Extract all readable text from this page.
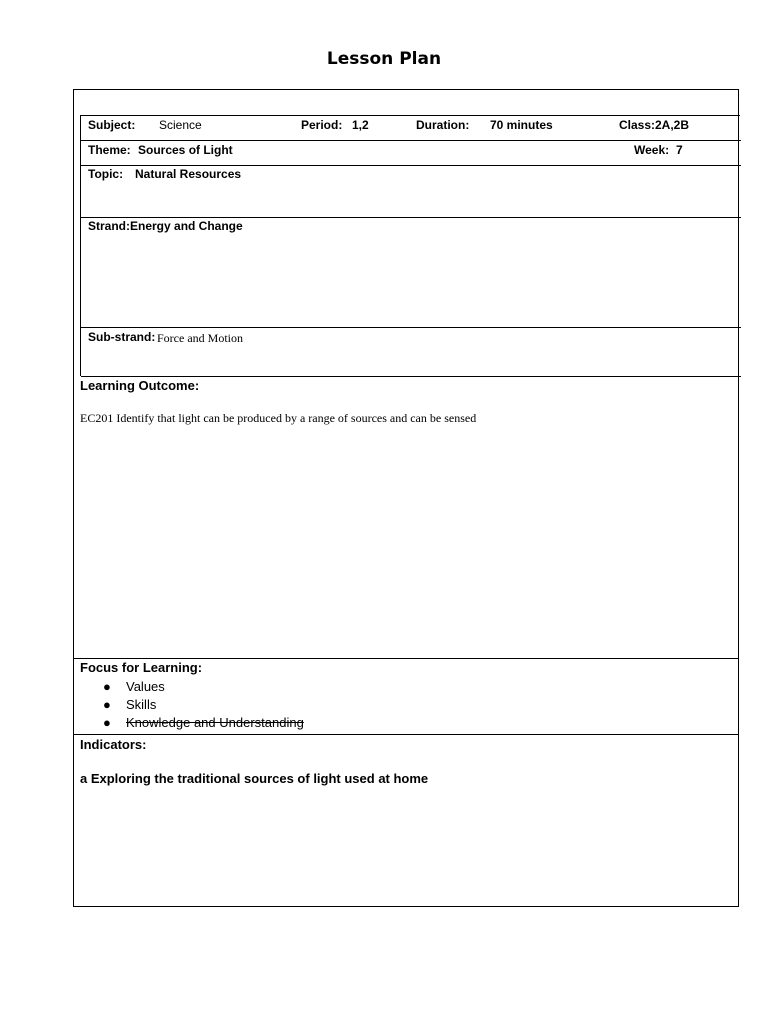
Lesson Plan
Subject: Science	Period: 1,2	Duration: 70 minutes	Class: 2A,2B
Theme: Sources of Light	Week: 7
Topic: Natural Resources
Strand: Energy and Change
Sub-strand: Force and Motion
Learning Outcome:
EC201 Identify that light can be produced by a range of sources and can be sensed
Focus for Learning:
● Values
● Skills
● Knowledge and Understanding
Indicators:
a Exploring the traditional sources of light used at home
